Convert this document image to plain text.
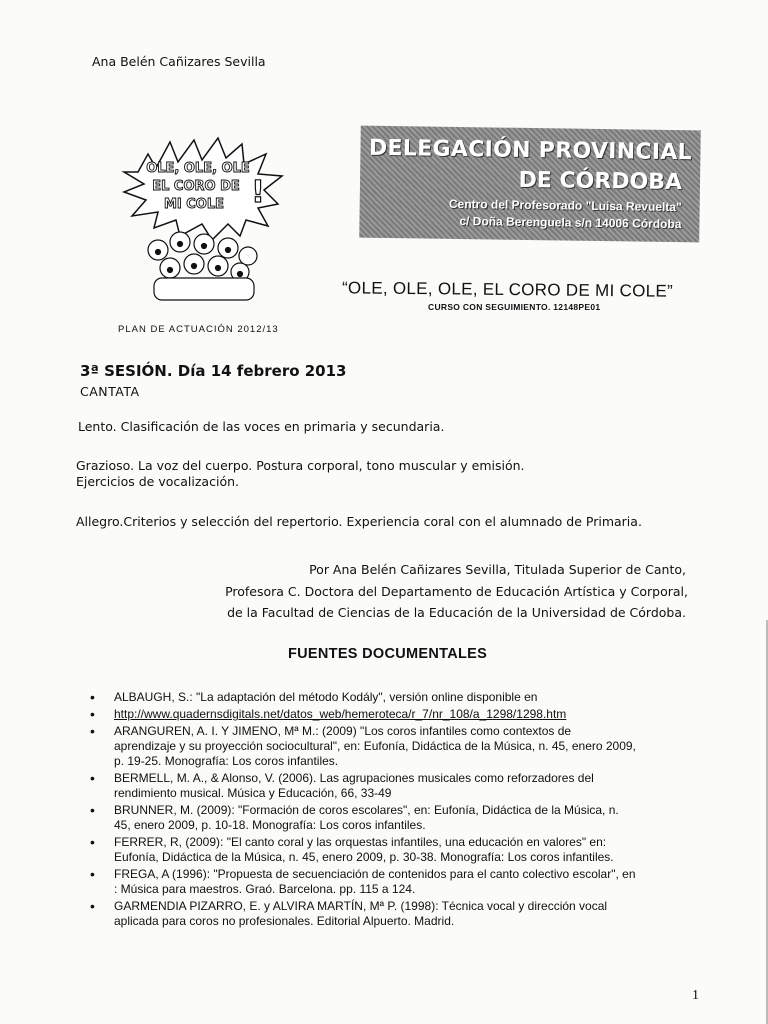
Ana Belén Cañizares Sevilla
OLE, OLE, OLE
EL CORO DE
MI COLE !
DELEGACIÓN PROVINCIAL
DE CÓRDOBA
Centro del Profesorado "Luisa Revuelta"
c/ Doña Berenguela s/n 14006 Córdoba
“OLE, OLE, OLE, EL CORO DE MI COLE”
CURSO CON SEGUIMIENTO. 12148PE01
PLAN DE ACTUACIÓN 2012/13
3ª SESIÓN. Día 14 febrero 2013
CANTATA
Lento. Clasificación de las voces en primaria y secundaria.
Grazioso. La voz del cuerpo. Postura corporal, tono muscular y emisión.
Ejercicios de vocalización.
Allegro.Criterios y selección del repertorio. Experiencia coral con el alumnado de Primaria.
Por Ana Belén Cañizares Sevilla, Titulada Superior de Canto,
Profesora C. Doctora del Departamento de Educación Artística y Corporal,
de la Facultad de Ciencias de la Educación de la Universidad de Córdoba.
FUENTES DOCUMENTALES
• ALBAUGH, S.: "La adaptación del método Kodály", versión online disponible en
• http://www.quadernsdigitals.net/datos_web/hemeroteca/r_7/nr_108/a_1298/1298.htm
• ARANGUREN, A. I. Y JIMENO, Mª M.: (2009) "Los coros infantiles como contextos de
aprendizaje y su proyección sociocultural", en: Eufonía, Didáctica de la Música, n. 45, enero 2009,
p. 19-25. Monografía: Los coros infantiles.
• BERMELL, M. A., & Alonso, V. (2006). Las agrupaciones musicales como reforzadores del
rendimiento musical. Música y Educación, 66, 33-49
• BRUNNER, M. (2009): "Formación de coros escolares", en: Eufonía, Didáctica de la Música, n.
45, enero 2009, p. 10-18. Monografía: Los coros infantiles.
• FERRER, R, (2009): "El canto coral y las orquestas infantiles, una educación en valores" en:
Eufonía, Didáctica de la Música, n. 45, enero 2009, p. 30-38. Monografía: Los coros infantiles.
• FREGA, A (1996): "Propuesta de secuenciación de contenidos para el canto colectivo escolar", en
: Música para maestros. Graó. Barcelona. pp. 115 a 124.
• GARMENDIA PIZARRO, E. y ALVIRA MARTÍN, Mª P. (1998): Técnica vocal y dirección vocal
aplicada para coros no profesionales. Editorial Alpuerto. Madrid.
1
